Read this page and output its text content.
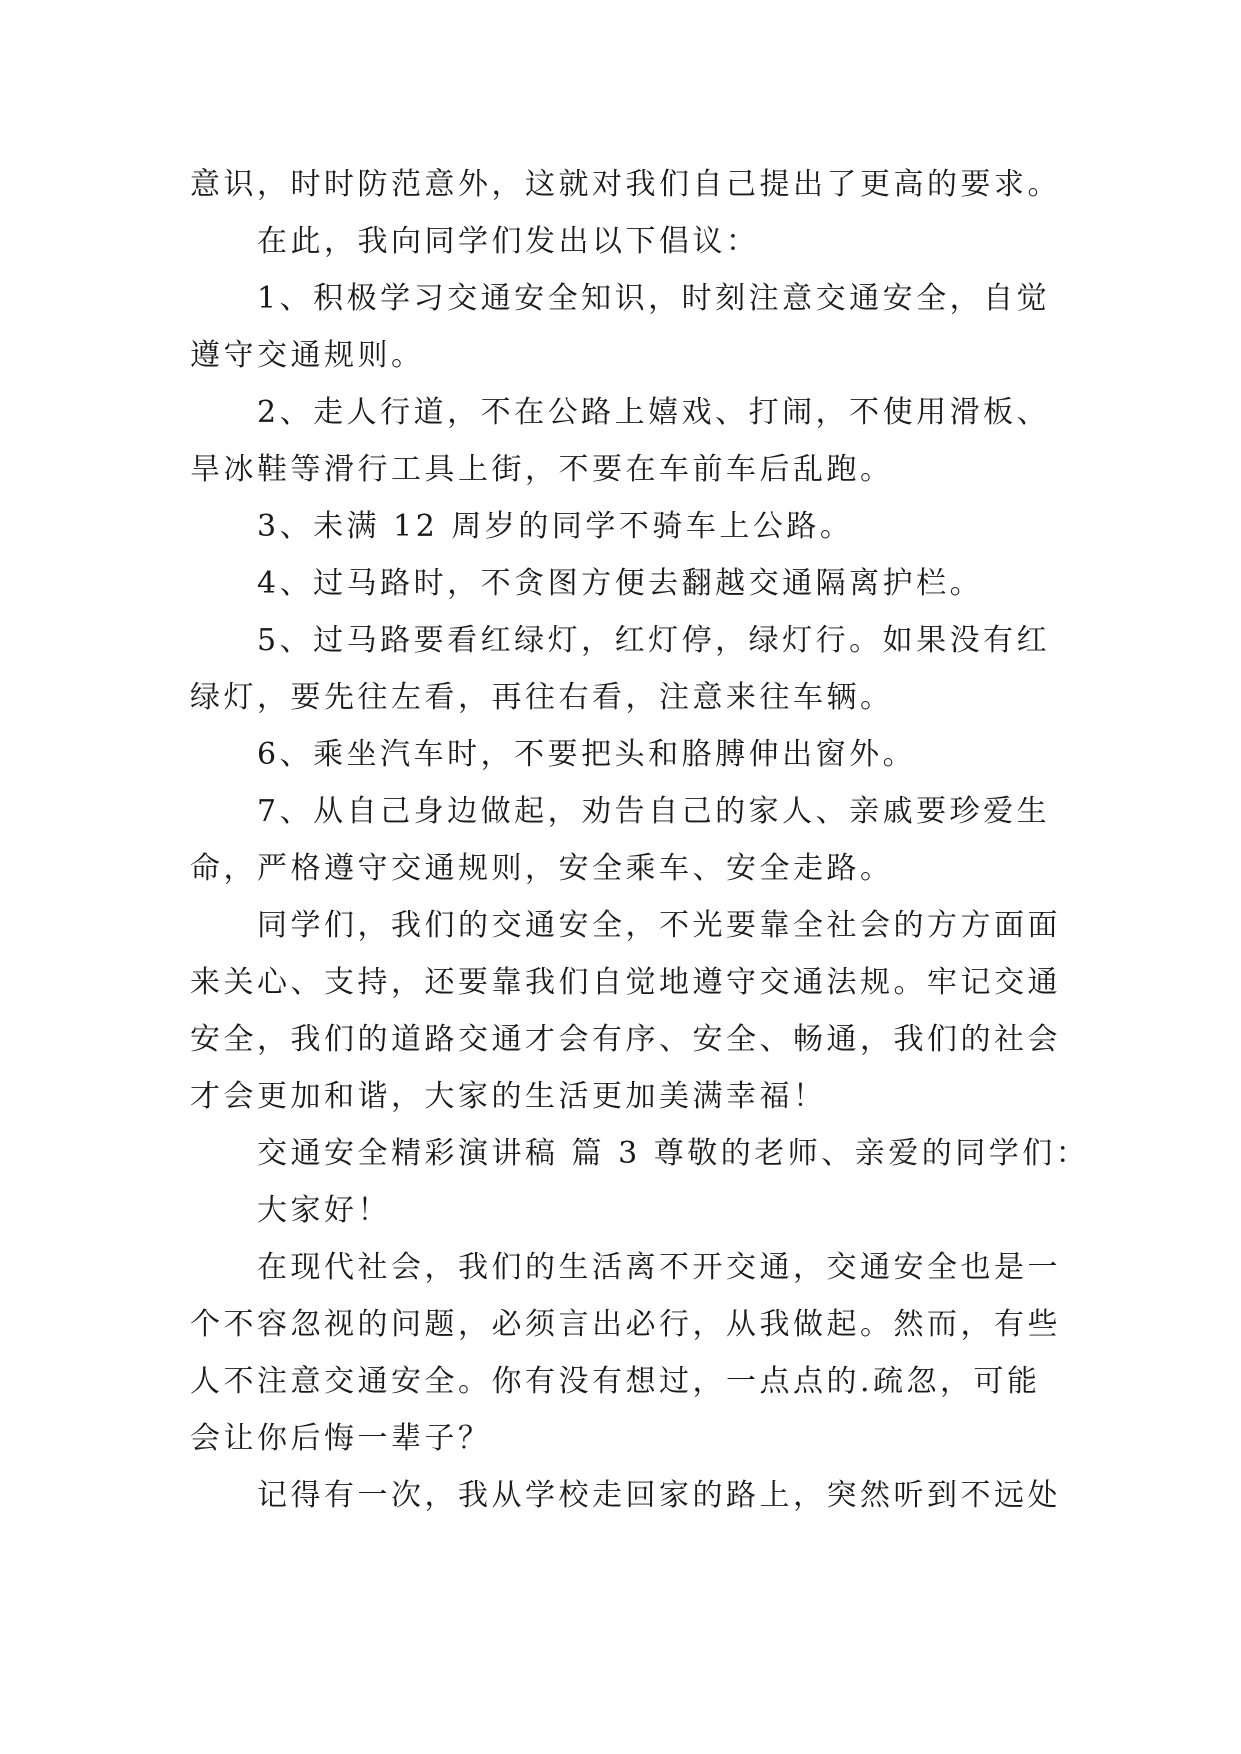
意识，时时防范意外，这就对我们自己提出了更高的要求。
在此，我向同学们发出以下倡议：
1、积极学习交通安全知识，时刻注意交通安全，自觉
遵守交通规则。
2、走人行道，不在公路上嬉戏、打闹，不使用滑板、
旱冰鞋等滑行工具上街，不要在车前车后乱跑。
3、未满 12 周岁的同学不骑车上公路。
4、过马路时，不贪图方便去翻越交通隔离护栏。
5、过马路要看红绿灯，红灯停，绿灯行。如果没有红
绿灯，要先往左看，再往右看，注意来往车辆。
6、乘坐汽车时，不要把头和胳膊伸出窗外。
7、从自己身边做起，劝告自己的家人、亲戚要珍爱生
命，严格遵守交通规则，安全乘车、安全走路。
同学们，我们的交通安全，不光要靠全社会的方方面面
来关心、支持，还要靠我们自觉地遵守交通法规。牢记交通
安全，我们的道路交通才会有序、安全、畅通，我们的社会
才会更加和谐，大家的生活更加美满幸福！
交通安全精彩演讲稿 篇 3 尊敬的老师、亲爱的同学们：
大家好！
在现代社会，我们的生活离不开交通，交通安全也是一
个不容忽视的问题，必须言出必行，从我做起。然而，有些
人不注意交通安全。你有没有想过，一点点的.疏忽，可能
会让你后悔一辈子？
记得有一次，我从学校走回家的路上，突然听到不远处
